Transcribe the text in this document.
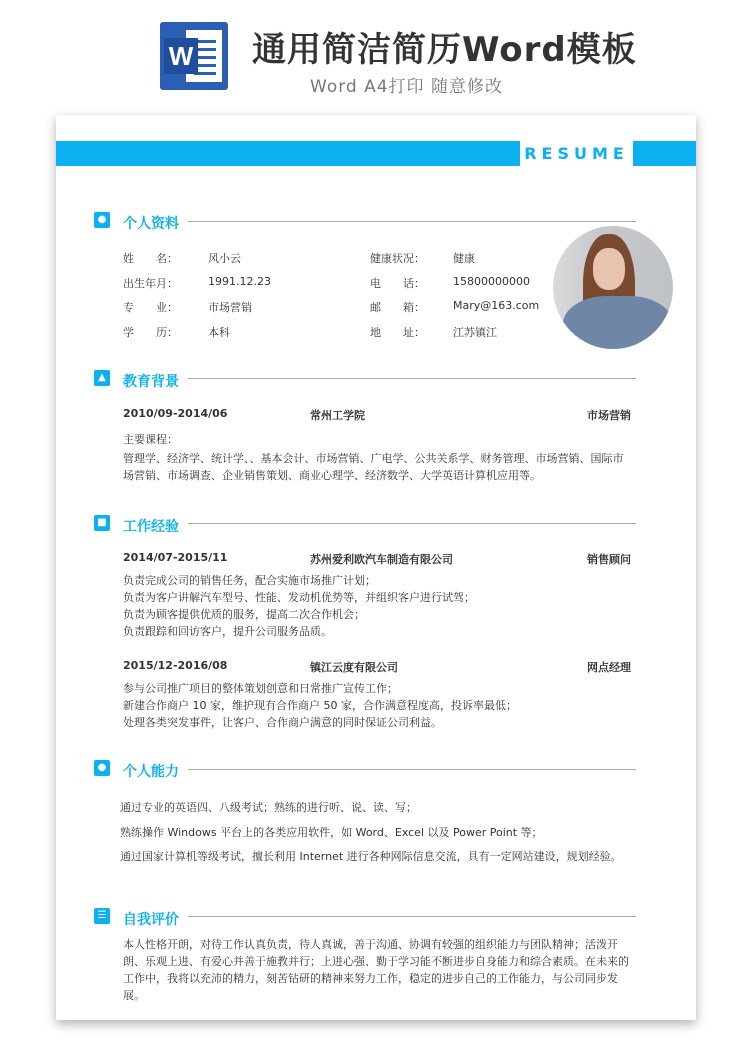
W 通用简洁简历Word模板
Word A4打印 随意修改
RESUME
● 个人资料
姓　　名：	风小云	健康状况：	健康
出生年月：	1991.12.23	电　　话：	15800000000
专　　业：	市场营销	邮　　箱：	Mary@163.com
学　　历：	本科	地　　址：	江苏镇江
▲ 教育背景
2010/09-2014/06	常州工学院	市场营销
主要课程：
管理学、经济学、统计学、、基本会计、市场营销、广电学、公共关系学、财务管理、市场营销、国际市场营销、市场调查、企业销售策划、商业心理学、经济数学、大学英语计算机应用等。
■ 工作经验
2014/07-2015/11	苏州爱利欧汽车制造有限公司	销售顾问
负责完成公司的销售任务，配合实施市场推广计划；
负责为客户讲解汽车型号、性能、发动机优势等，并组织客户进行试驾；
负责为顾客提供优质的服务，提高二次合作机会；
负责跟踪和回访客户，提升公司服务品质。
2015/12-2016/08	镇江云度有限公司	网点经理
参与公司推广项目的整体策划创意和日常推广宣传工作；
新建合作商户 10 家，维护现有合作商户 50 家，合作满意程度高，投诉率最低；
处理各类突发事件，让客户、合作商户满意的同时保证公司利益。
● 个人能力
通过专业的英语四、八级考试；熟练的进行听、说、读、写；
熟练操作 Windows 平台上的各类应用软件，如 Word、Excel 以及 Power Point 等；
通过国家计算机等级考试，擅长利用 Internet 进行各种网际信息交流，具有一定网站建设，规划经验。
☰ 自我评价
本人性格开朗，对待工作认真负责，待人真诚，善于沟通、协调有较强的组织能力与团队精神；活泼开朗、乐观上进、有爱心并善于施教并行；上进心强、勤于学习能不断进步自身能力和综合素质。在未来的工作中，我将以充沛的精力，刻苦钻研的精神来努力工作，稳定的进步自己的工作能力，与公司同步发展。
